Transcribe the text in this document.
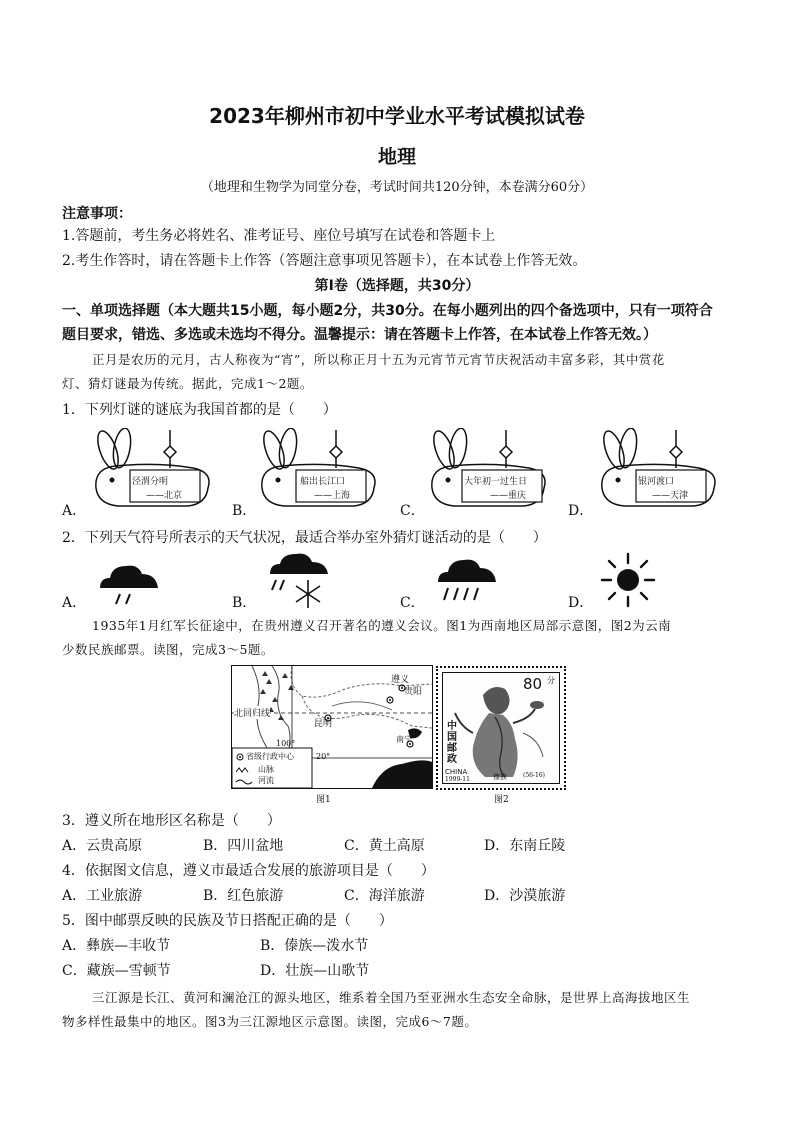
2023年柳州市初中学业水平考试模拟试卷
地理
（地理和生物学为同堂分卷，考试时间共120分钟，本卷满分60分）
注意事项：
1.答题前，考生务必将姓名、准考证号、座位号填写在试卷和答题卡上
2.考生作答时，请在答题卡上作答（答题注意事项见答题卡），在本试卷上作答无效。
第Ⅰ卷（选择题，共30分）
一、单项选择题（本大题共15小题，每小题2分，共30分。在每小题列出的四个备选项中，只有一项符合
题目要求，错选、多选或未选均不得分。温馨提示：请在答题卡上作答，在本试卷上作答无效。）
正月是农历的元月，古人称夜为“宵”，所以称正月十五为元宵节元宵节庆祝活动丰富多彩，其中赏花
灯、猜灯谜最为传统。据此，完成1～2题。
1．下列灯谜的谜底为我国首都的是（　　）
A．
泾渭分明
——北京
B．
船出长江口
——上海
C．
大年初一过生日
——重庆
D．
银河渡口
——天津
2．下列天气符号所表示的天气状况，最适合举办室外猜灯谜活动的是（　　）
A．	B．	C．	D．
1935年1月红军长征途中，在贵州遵义召开著名的遵义会议。图1为西南地区局部示意图，图2为云南
少数民族邮票。读图，完成3～5题。
遵义
贵阳
昆明
南宁
北回归线
100°
20°
省级行政中心
山脉
河流
图1
80 分
中国邮政
CHINA
1999-11	傣族	(56-16)
图2
3．遵义所在地形区名称是（　　）
A．云贵高原	B．四川盆地	C．黄土高原	D．东南丘陵
4．依据图文信息，遵义市最适合发展的旅游项目是（　　）
A．工业旅游	B．红色旅游	C．海洋旅游	D．沙漠旅游
5．图中邮票反映的民族及节日搭配正确的是（　　）
A．彝族—丰收节	B．傣族—泼水节
C．藏族—雪顿节	D．壮族—山歌节
三江源是长江、黄河和澜沧江的源头地区，维系着全国乃至亚洲水生态安全命脉，是世界上高海拔地区生
物多样性最集中的地区。图3为三江源地区示意图。读图，完成6～7题。
